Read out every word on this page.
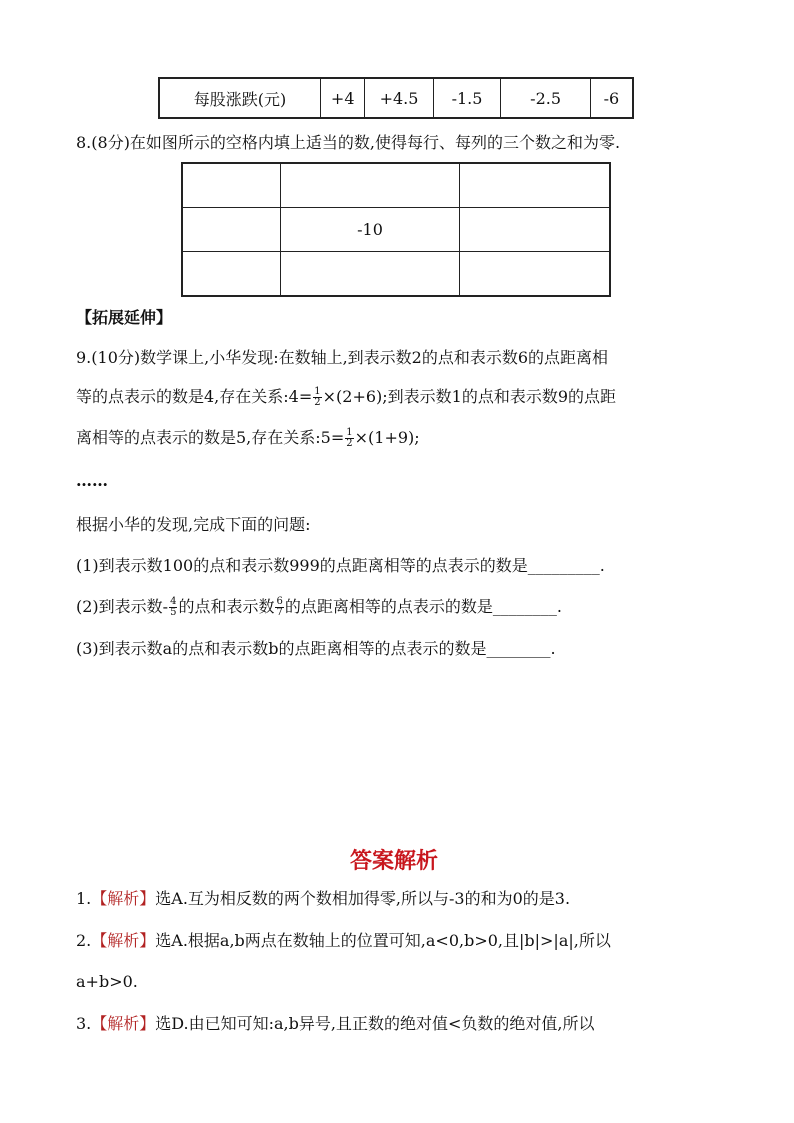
每股涨跌(元)	+4	+4.5	-1.5	-2.5	-6
8.(8分)在如图所示的空格内填上适当的数,使得每行、每列的三个数之和为零.

	-10	

【拓展延伸】
9.(10分)数学课上,小华发现:在数轴上,到表示数2的点和表示数6的点距离相
等的点表示的数是4,存在关系:4= $\frac{1}{2} \times(2+6)$;到表示数1的点和表示数9的点距
离相等的点表示的数是5,存在关系:5= $\frac{1}{2} \times(1+9)$;
……
根据小华的发现,完成下面的问题:
(1)到表示数100的点和表示数999的点距离相等的点表示的数是_________.
(2)到表示数- $\frac{4}{5}$ 的点和表示数 $\frac{6}{7}$ 的点距离相等的点表示的数是________.
(3)到表示数a的点和表示数b的点距离相等的点表示的数是________.
答案解析
1.【解析】选A.互为相反数的两个数相加得零,所以与-3的和为0的是3.
2.【解析】选A.根据a,b两点在数轴上的位置可知,a<0,b>0,且|b|>|a|,所以
a+b>0.
3.【解析】选D.由已知可知:a,b异号,且正数的绝对值<负数的绝对值,所以
